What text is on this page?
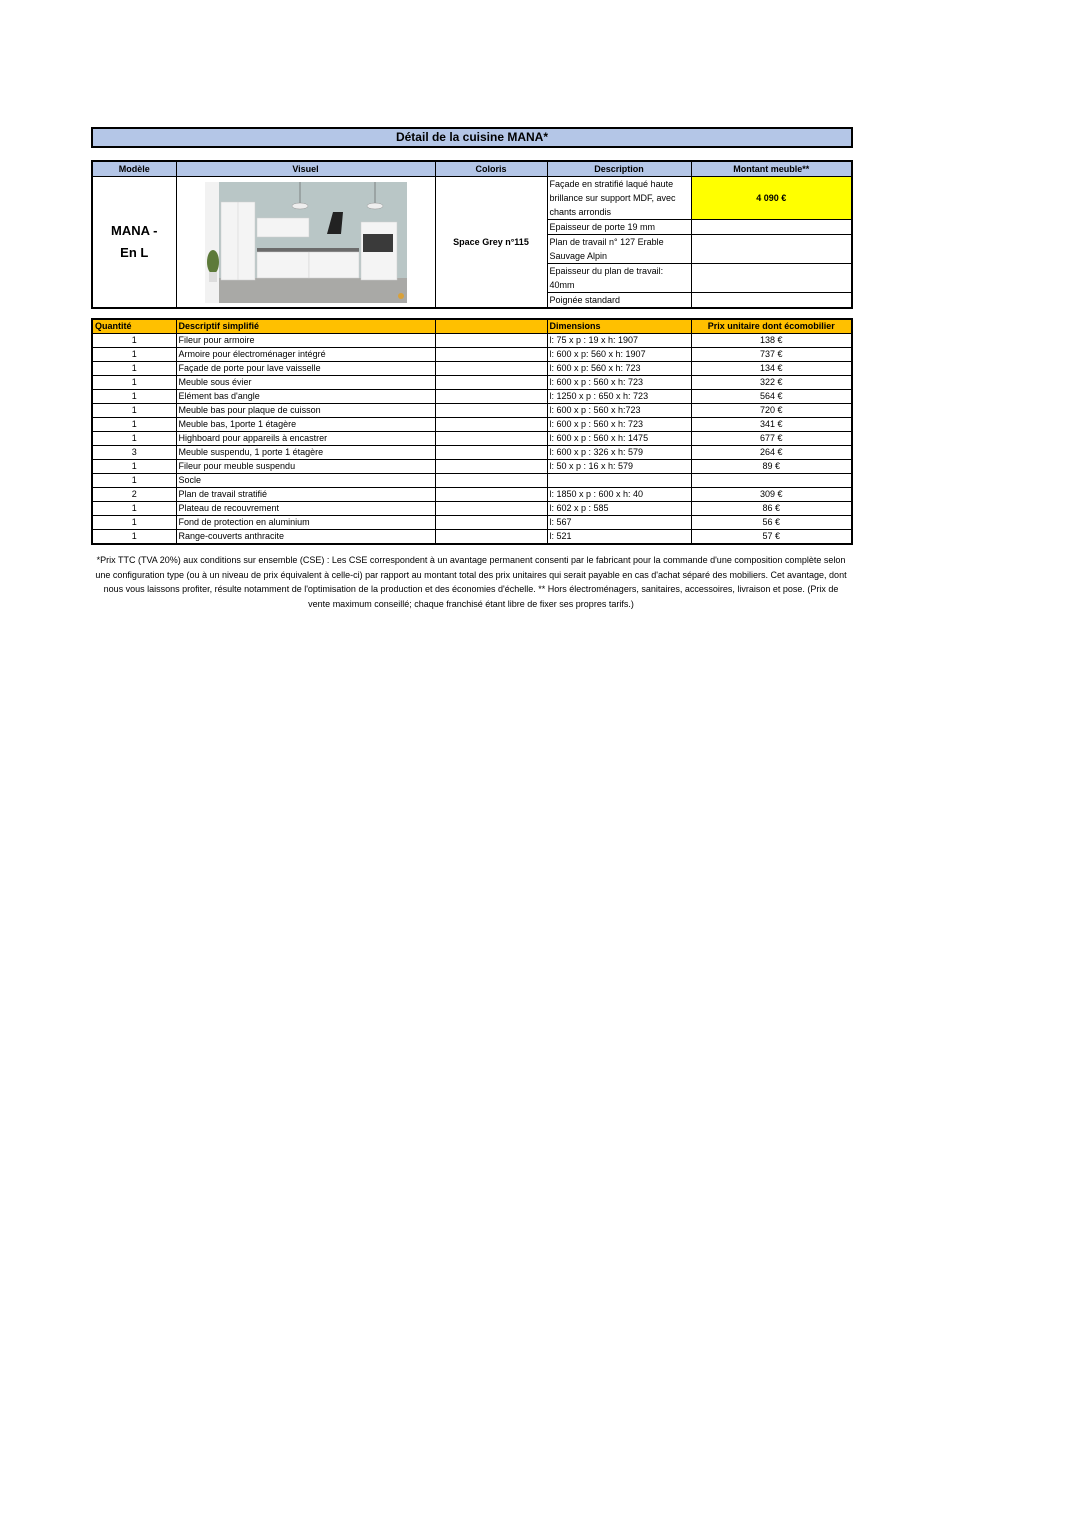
Détail de la cuisine MANA*
Modèle	Visuel	Coloris	Description	Montant meuble**
MANA -
En L		Space Grey n°115	Façade en stratifié laqué haute brillance sur support MDF, avec chants arrondis	4 090 €
			Epaisseur de porte 19 mm	
			Plan de travail n° 127 Erable Sauvage Alpin	
			Epaisseur du plan de travail: 40mm	
			Poignée standard	
Quantité	Descriptif simplifié		Dimensions	Prix unitaire dont écomobilier
1	Fileur pour armoire		l: 75 x p : 19 x h: 1907	138 €
1	Armoire pour électroménager intégré		l: 600 x p: 560 x h: 1907	737 €
1	Façade de porte pour lave vaisselle		l: 600 x p: 560 x h: 723	134 €
1	Meuble sous évier		l: 600 x p : 560 x h: 723	322 €
1	Elément bas d'angle		l: 1250 x p : 650 x h: 723	564 €
1	Meuble bas pour plaque de cuisson		l: 600 x p : 560 x h:723	720 €
1	Meuble bas, 1porte 1 étagère		l: 600 x p : 560 x h: 723	341 €
1	Highboard pour appareils à encastrer		l: 600 x p : 560 x h: 1475	677 €
3	Meuble suspendu, 1 porte 1 étagère		l: 600 x p : 326 x h: 579	264 €
1	Fileur pour meuble suspendu		l: 50 x p : 16 x h: 579	89 €
1	Socle			
2	Plan de travail stratifié		l: 1850 x p : 600 x h: 40	309 €
1	Plateau de recouvrement		l: 602 x p : 585	86 €
1	Fond de protection en aluminium		l: 567	56 €
1	Range-couverts anthracite		l: 521	57 €
*Prix TTC (TVA 20%) aux conditions sur ensemble (CSE) : Les CSE correspondent à un avantage permanent consenti par le fabricant pour la commande d'une composition complète selon une configuration type (ou à un niveau de prix équivalent à celle-ci) par rapport au montant total des prix unitaires qui serait payable en cas d'achat séparé des mobiliers. Cet avantage, dont nous vous laissons profiter, résulte notamment de l'optimisation de la production et des économies d'échelle. ** Hors électroménagers, sanitaires, accessoires, livraison et pose. (Prix de vente maximum conseillé; chaque franchisé étant libre de fixer ses propres tarifs.)
